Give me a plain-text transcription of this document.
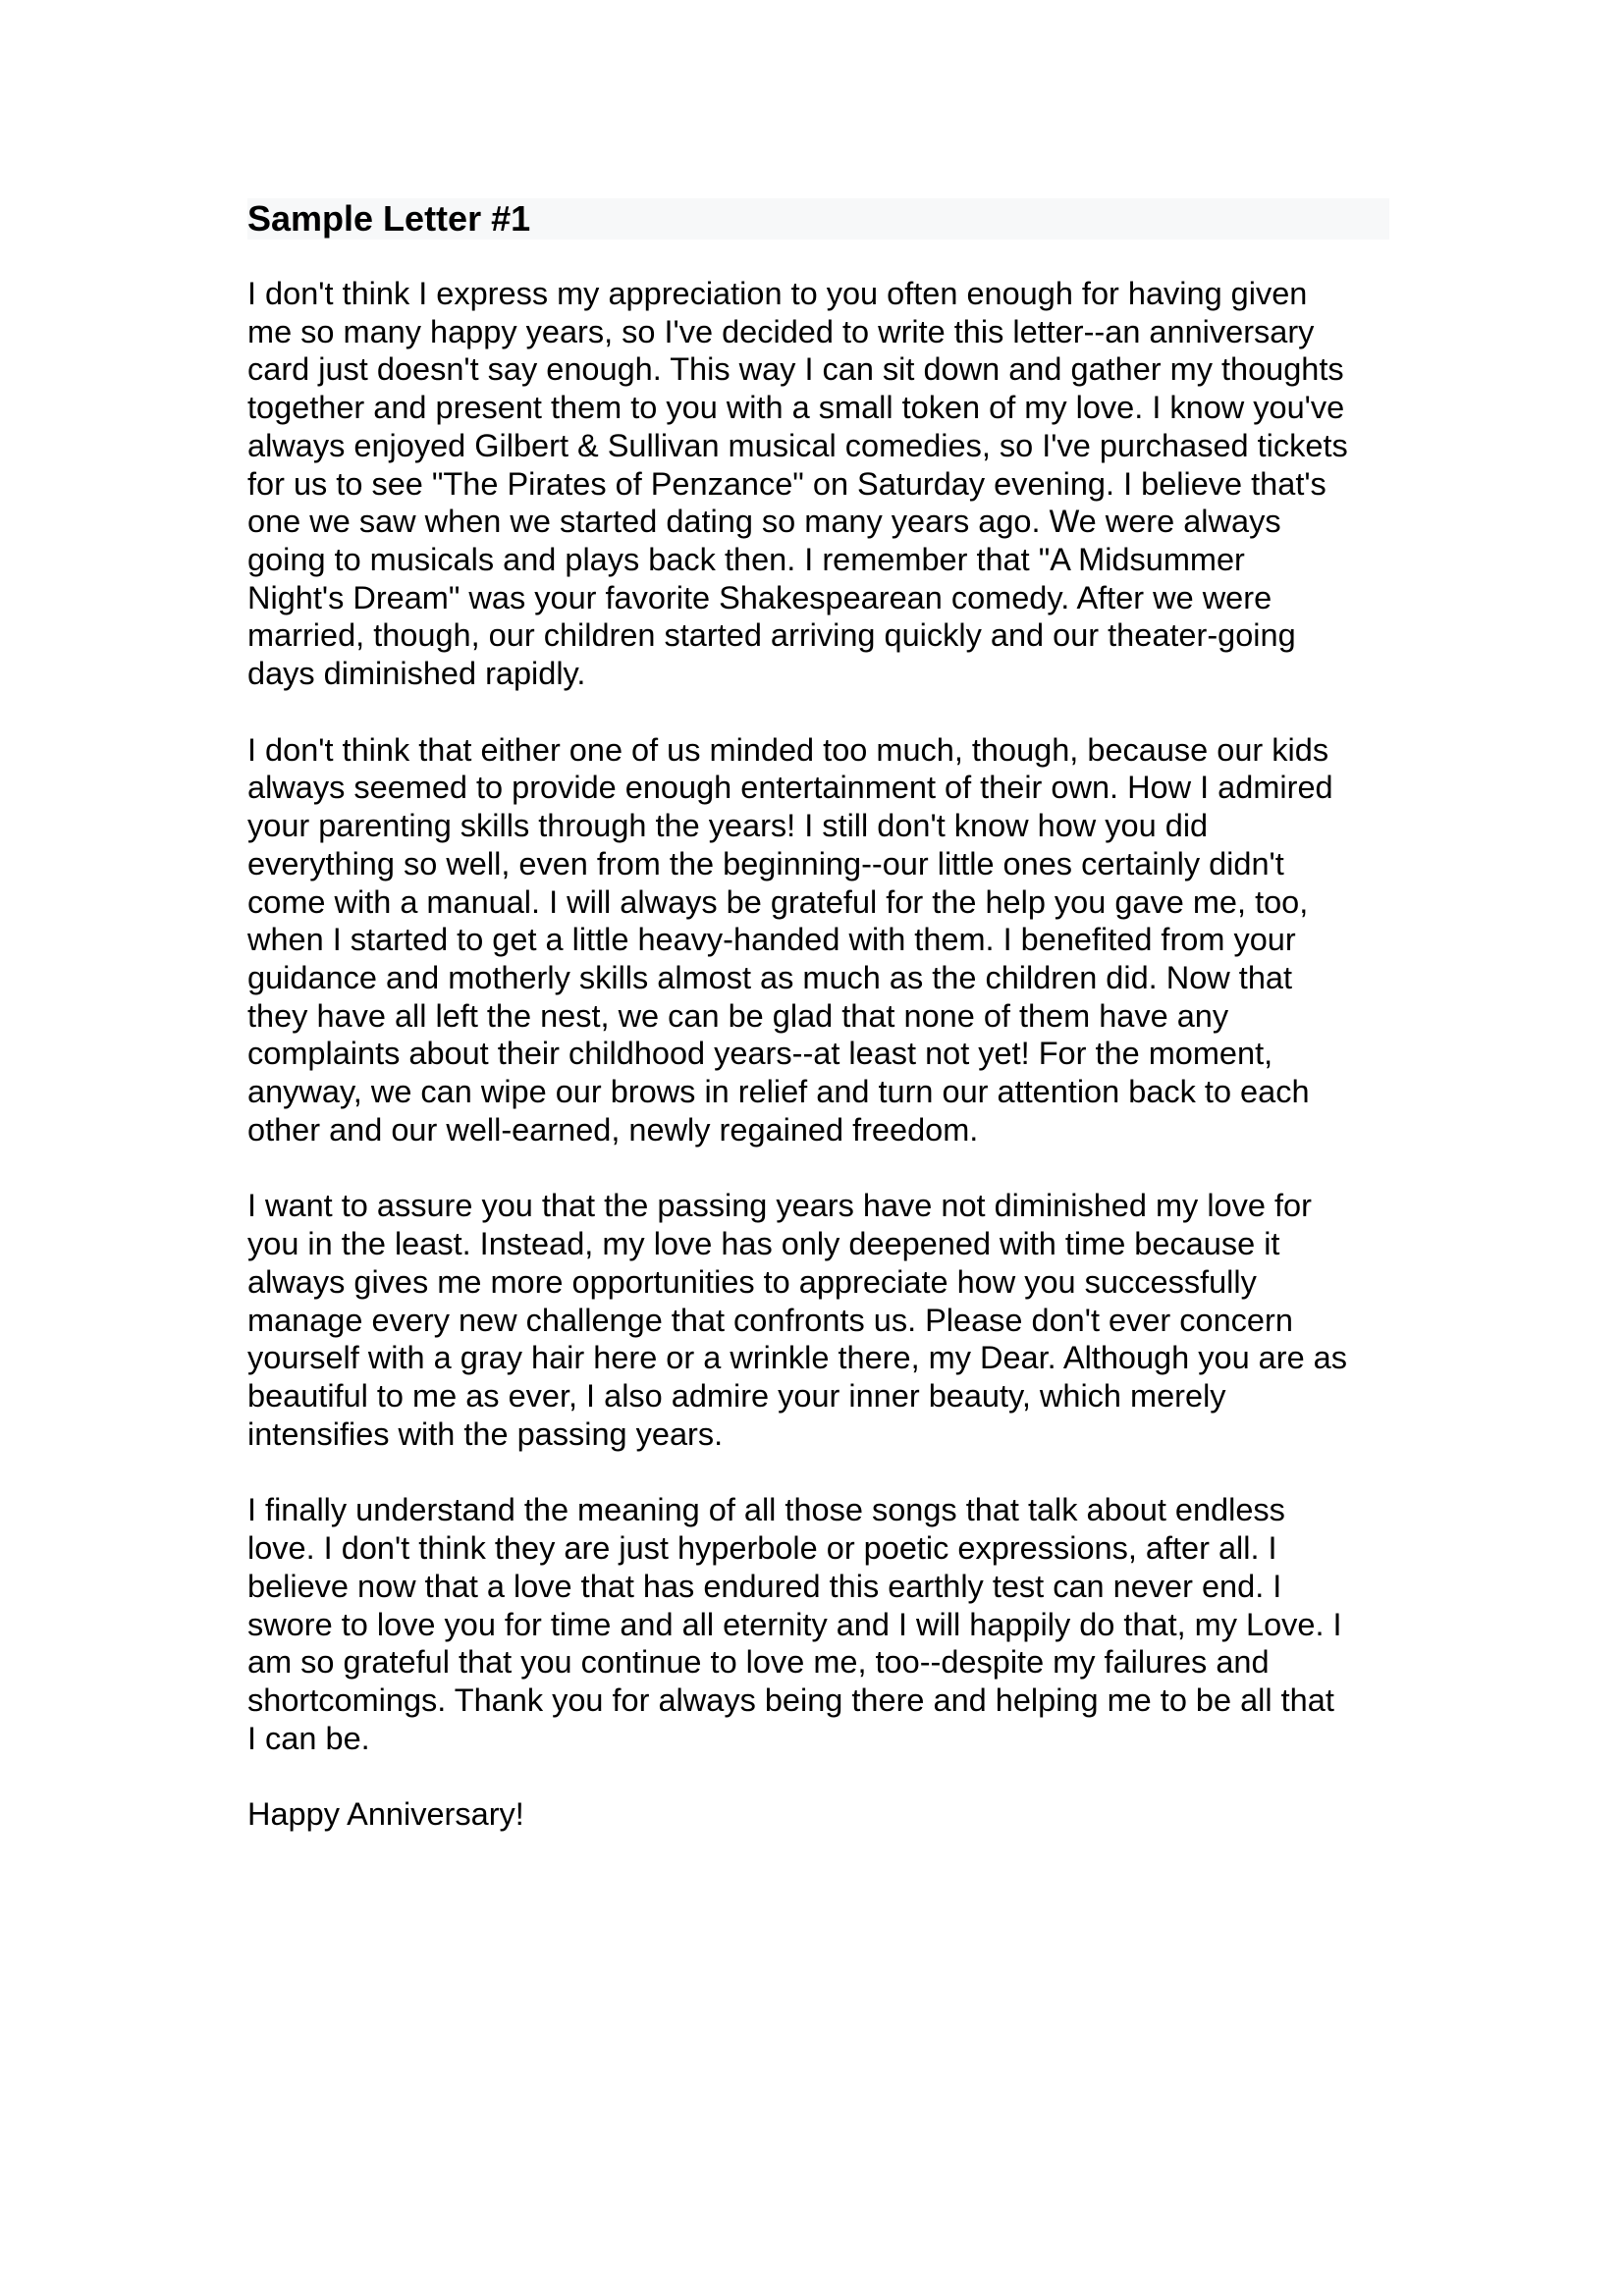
Sample Letter #1

I don't think I express my appreciation to you often enough for having given
me so many happy years, so I've decided to write this letter--an anniversary
card just doesn't say enough. This way I can sit down and gather my thoughts
together and present them to you with a small token of my love. I know you've
always enjoyed Gilbert & Sullivan musical comedies, so I've purchased tickets
for us to see "The Pirates of Penzance" on Saturday evening. I believe that's
one we saw when we started dating so many years ago. We were always
going to musicals and plays back then. I remember that "A Midsummer
Night's Dream" was your favorite Shakespearean comedy. After we were
married, though, our children started arriving quickly and our theater-going
days diminished rapidly.

I don't think that either one of us minded too much, though, because our kids
always seemed to provide enough entertainment of their own. How I admired
your parenting skills through the years! I still don't know how you did
everything so well, even from the beginning--our little ones certainly didn't
come with a manual. I will always be grateful for the help you gave me, too,
when I started to get a little heavy-handed with them. I benefited from your
guidance and motherly skills almost as much as the children did. Now that
they have all left the nest, we can be glad that none of them have any
complaints about their childhood years--at least not yet! For the moment,
anyway, we can wipe our brows in relief and turn our attention back to each
other and our well-earned, newly regained freedom.

I want to assure you that the passing years have not diminished my love for
you in the least. Instead, my love has only deepened with time because it
always gives me more opportunities to appreciate how you successfully
manage every new challenge that confronts us. Please don't ever concern
yourself with a gray hair here or a wrinkle there, my Dear. Although you are as
beautiful to me as ever, I also admire your inner beauty, which merely
intensifies with the passing years.

I finally understand the meaning of all those songs that talk about endless
love. I don't think they are just hyperbole or poetic expressions, after all. I
believe now that a love that has endured this earthly test can never end. I
swore to love you for time and all eternity and I will happily do that, my Love. I
am so grateful that you continue to love me, too--despite my failures and
shortcomings. Thank you for always being there and helping me to be all that
I can be.

Happy Anniversary!
